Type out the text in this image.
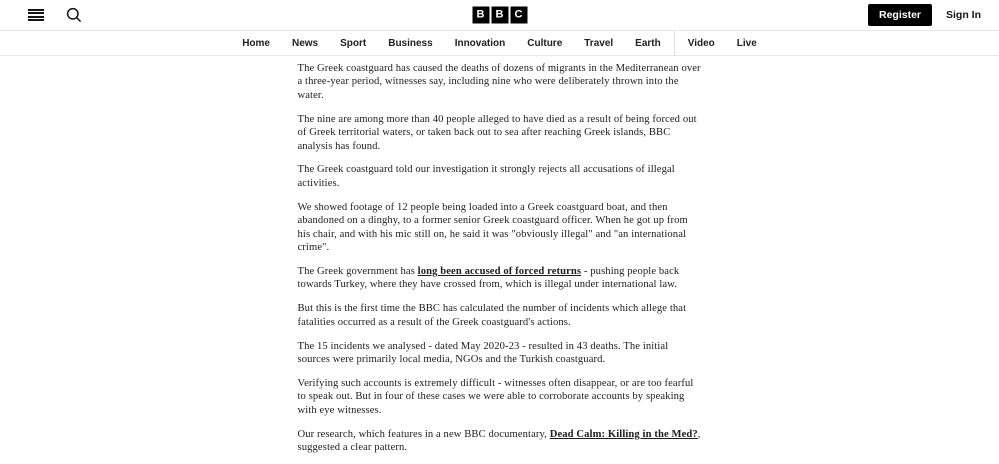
B	B	C	Register	Sign In
Home	News	Sport	Business	Innovation	Culture	Travel	Earth	Video	Live

The Greek coastguard has caused the deaths of dozens of migrants in the Mediterranean over a three-year period, witnesses say, including nine who were deliberately thrown into the water.

The nine are among more than 40 people alleged to have died as a result of being forced out of Greek territorial waters, or taken back out to sea after reaching Greek islands, BBC analysis has found.

The Greek coastguard told our investigation it strongly rejects all accusations of illegal activities.

We showed footage of 12 people being loaded into a Greek coastguard boat, and then abandoned on a dinghy, to a former senior Greek coastguard officer. When he got up from his chair, and with his mic still on, he said it was "obviously illegal" and "an international crime".

The Greek government has long been accused of forced returns - pushing people back towards Turkey, where they have crossed from, which is illegal under international law.

But this is the first time the BBC has calculated the number of incidents which allege that fatalities occurred as a result of the Greek coastguard's actions.

The 15 incidents we analysed - dated May 2020-23 - resulted in 43 deaths. The initial sources were primarily local media, NGOs and the Turkish coastguard.

Verifying such accounts is extremely difficult - witnesses often disappear, or are too fearful to speak out. But in four of these cases we were able to corroborate accounts by speaking with eye witnesses.

Our research, which features in a new BBC documentary, Dead Calm: Killing in the Med?, suggested a clear pattern.
